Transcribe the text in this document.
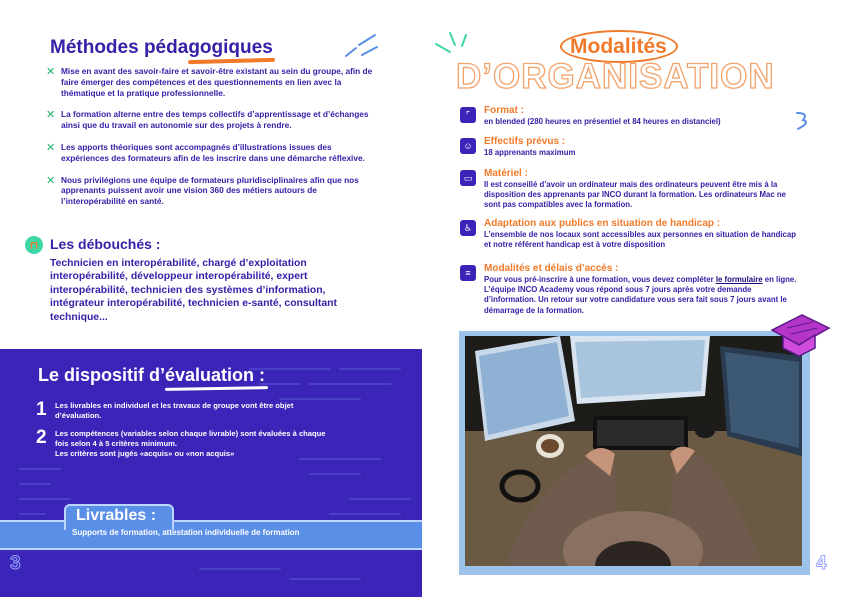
Méthodes pédagogiques
✕ Mise en avant des savoir-faire et savoir-être existant au sein du groupe, afin de faire émerger des compétences et des questionnements en lien avec la thématique et la pratique professionnelle.
✕ La formation alterne entre des temps collectifs d’apprentissage et d’échanges ainsi que du travail en autonomie sur des projets à rendre.
✕ Les apports théoriques sont accompagnés d’illustrations issues des expériences des formateurs afin de les inscrire dans une démarche réflexive.
✕ Nous privilégions une équipe de formateurs pluridisciplinaires afin que nos apprenants puissent avoir une vision 360 des métiers autours de l’interopérabilité en santé.
⊓ Les débouchés :
Technicien en interopérabilité, chargé d’exploitation interopérabilité, développeur interopérabilité, expert interopérabilité, technicien des systèmes d’information, intégrateur interopérabilité, technicien e-santé, consultant technique...
Le dispositif d’évaluation :
1	Les livrables en individuel et les travaux de groupe vont être objet d’évaluation.
2	Les compétences (variables selon chaque livrable) sont évaluées à chaque fois selon 4 à 5 critères minimum.
Les critères sont jugés «acquis» ou «non acquis»
Livrables :
Supports de formation, attestation individuelle de formation
3
Modalités
D’ORGANISATION
⌜	Format :
en blended (280 heures en présentiel et 84 heures en distanciel)
☺	Effectifs prévus :
18 apprenants maximum
▭	Matériel :
Il est conseillé d’avoir un ordinateur mais des ordinateurs peuvent être mis à la disposition des apprenants par INCO durant la formation. Les ordinateurs Mac ne sont pas compatibles avec la formation.
♿	Adaptation aux publics en situation de handicap :
L’ensemble de nos locaux sont accessibles aux personnes en situation de handicap et notre référent handicap est à votre disposition
≡	Modalités et délais d’accès :
Pour vous pré-inscrire à une formation, vous devez compléter le formulaire en ligne. L’équipe INCO Academy vous répond sous 7 jours après votre demande d’information. Un retour sur votre candidature vous sera fait sous 7 jours avant le démarrage de la formation.
4
